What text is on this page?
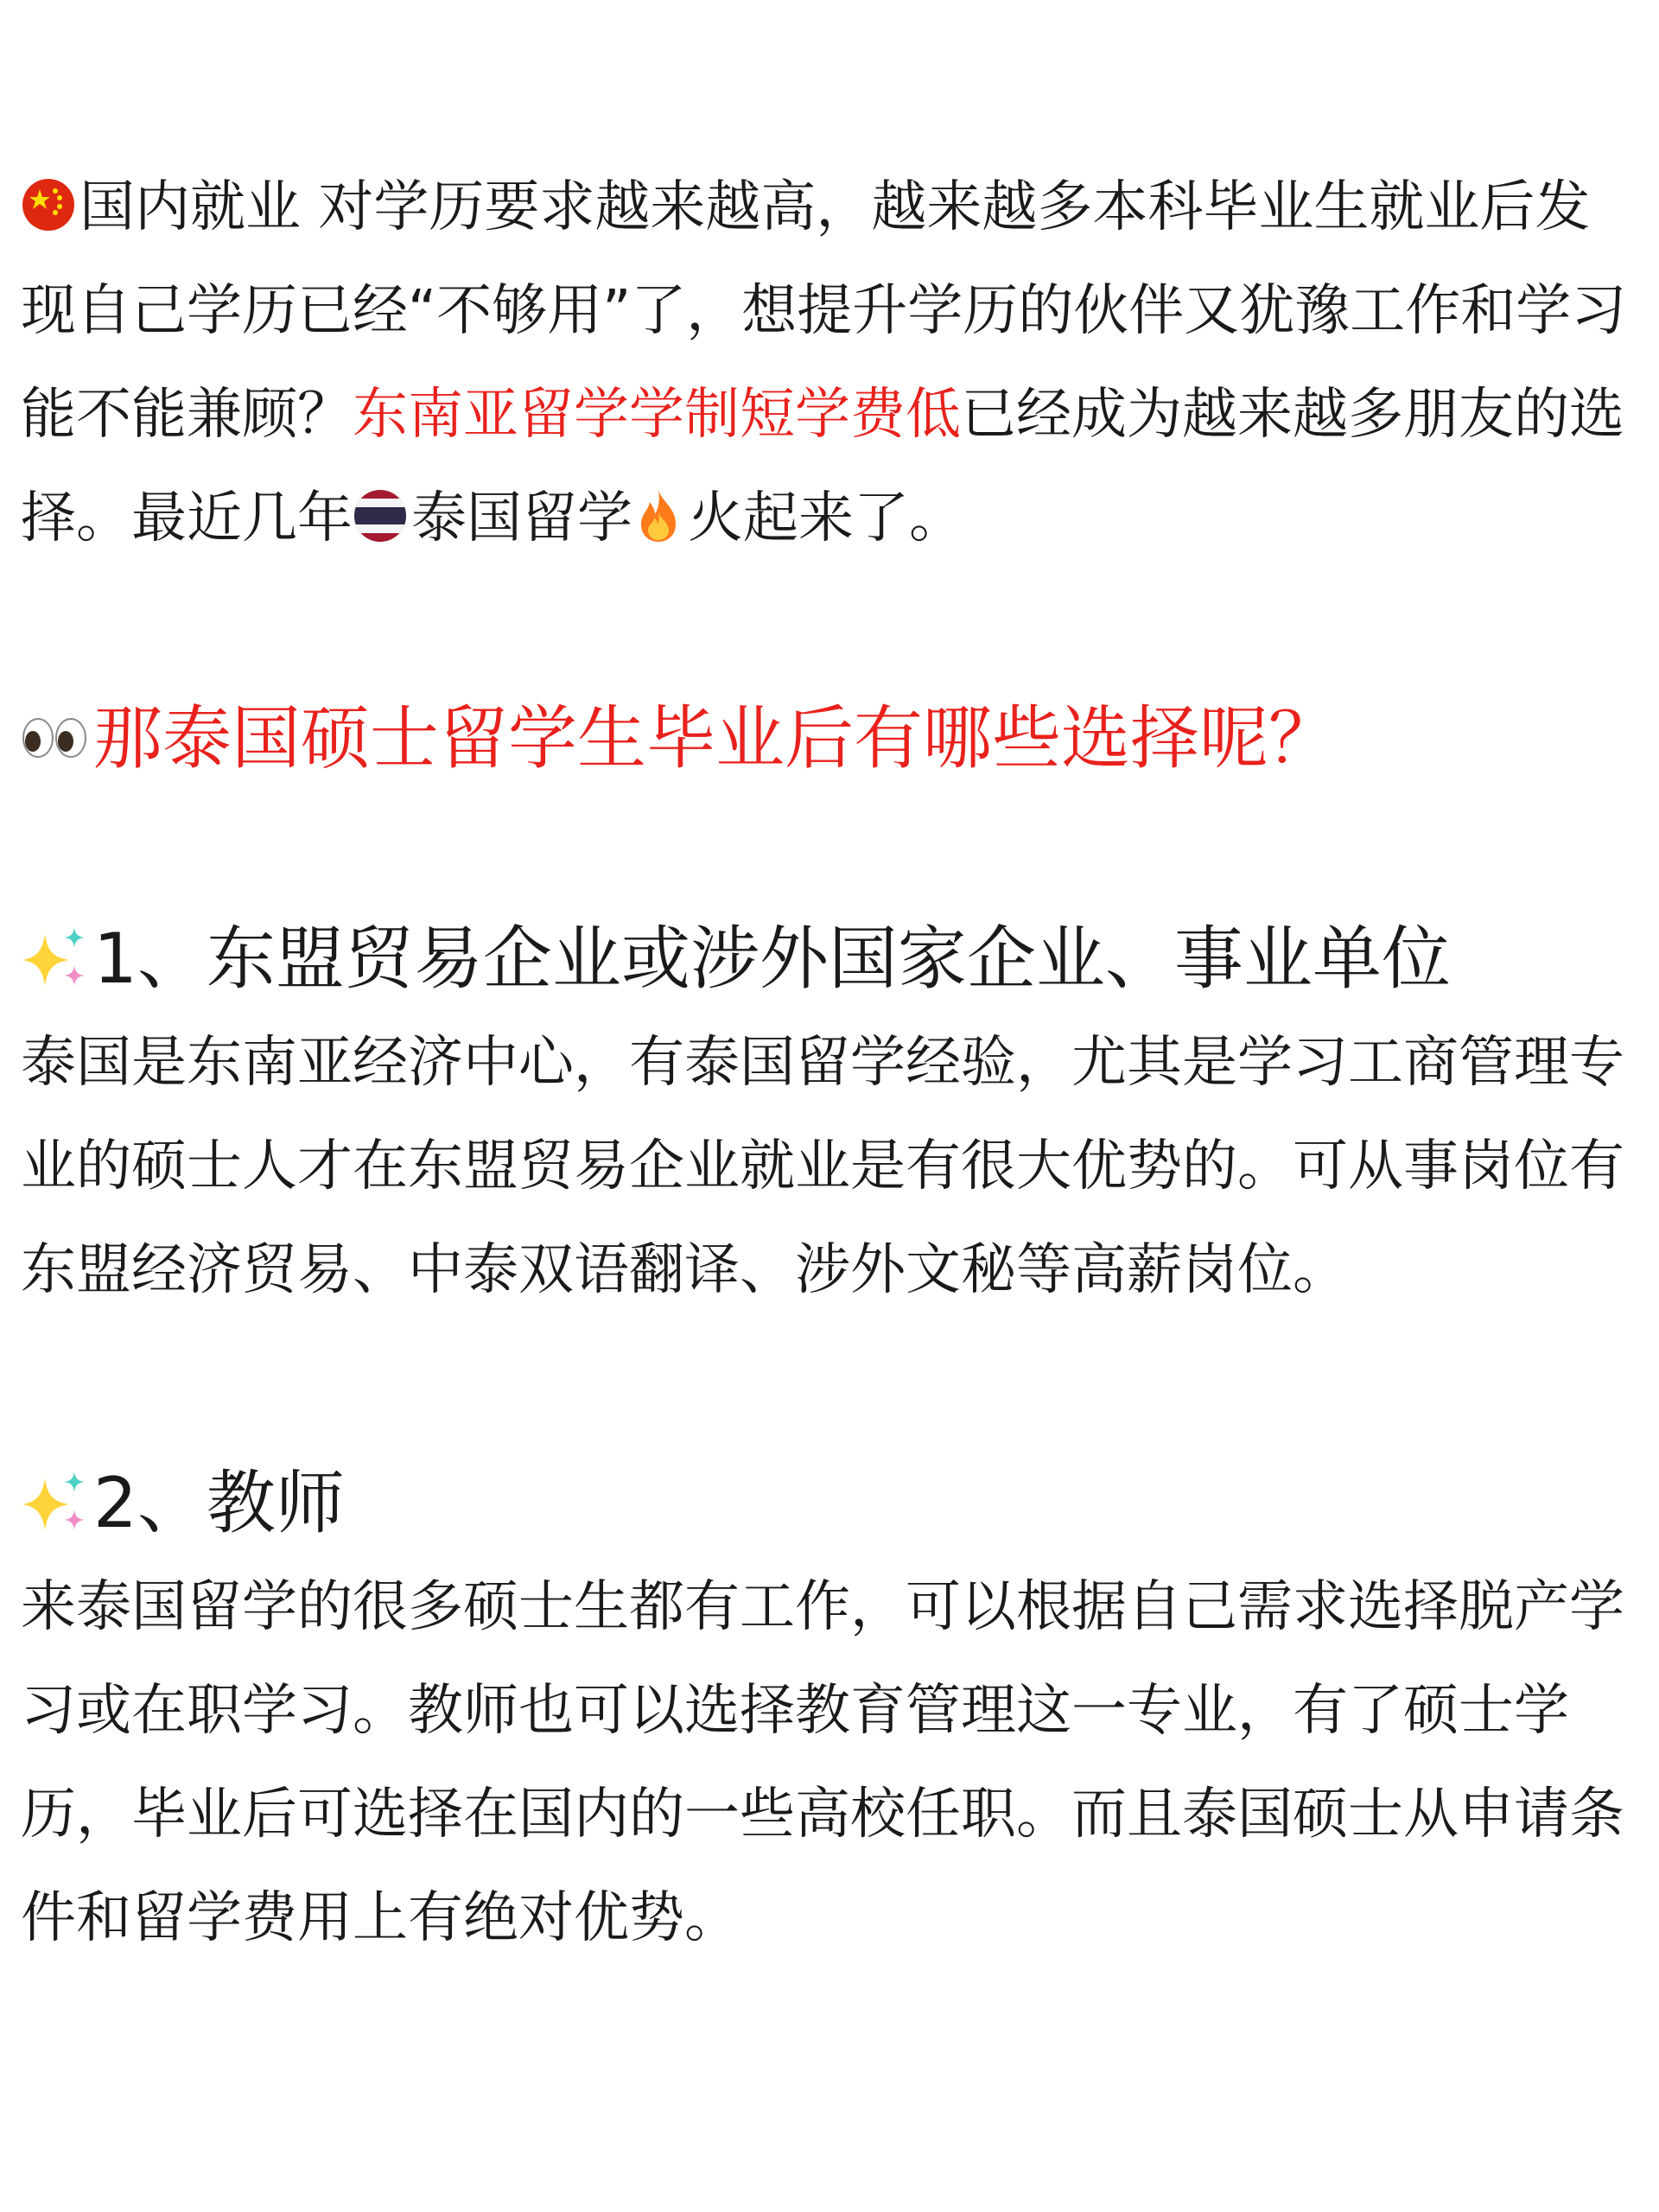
国内就业 对学历要求越来越高，越来越多本科毕业生就业后发现自己学历已经“不够用”了，想提升学历的伙伴又犹豫工作和学习能不能兼顾？东南亚留学学制短学费低已经成为越来越多朋友的选择。最近几年 泰国留学 火起来了。

那泰国硕士留学生毕业后有哪些选择呢？

1、东盟贸易企业或涉外国家企业、事业单位

泰国是东南亚经济中心，有泰国留学经验，尤其是学习工商管理专业的硕士人才在东盟贸易企业就业是有很大优势的。可从事岗位有东盟经济贸易、中泰双语翻译、涉外文秘等高薪岗位。

2、教师

来泰国留学的很多硕士生都有工作，可以根据自己需求选择脱产学习或在职学习。教师也可以选择教育管理这一专业，有了硕士学历，毕业后可选择在国内的一些高校任职。而且泰国硕士从申请条件和留学费用上有绝对优势。
